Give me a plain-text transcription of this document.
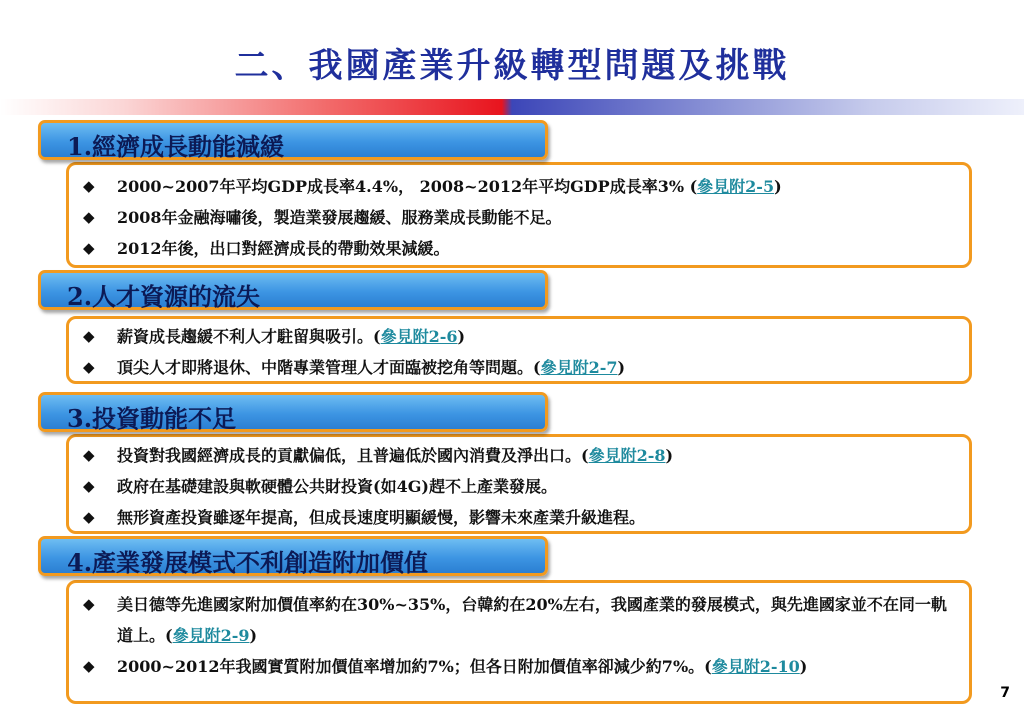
二、我國產業升級轉型問題及挑戰
1.經濟成長動能減緩
◆ 2000~2007年平均GDP成長率4.4%， 2008~2012年平均GDP成長率3% (參見附2-5)
◆ 2008年金融海嘯後，製造業發展趨緩、服務業成長動能不足。
◆ 2012年後，出口對經濟成長的帶動效果減緩。
2.人才資源的流失
◆ 薪資成長趨緩不利人才駐留與吸引。(參見附2-6)
◆ 頂尖人才即將退休、中階專業管理人才面臨被挖角等問題。(參見附2-7)
3.投資動能不足
◆ 投資對我國經濟成長的貢獻偏低，且普遍低於國內消費及淨出口。(參見附2-8)
◆ 政府在基礎建設與軟硬體公共財投資(如4G)趕不上產業發展。
◆ 無形資產投資雖逐年提高，但成長速度明顯緩慢，影響未來產業升級進程。
4.產業發展模式不利創造附加價值
◆ 美日德等先進國家附加價值率約在30%~35%，台韓約在20%左右，我國產業的發展模式，與先進國家並不在同一軌道上。(參見附2-9)
◆ 2000~2012年我國實質附加價值率增加約7%；但各日附加價值率卻減少約7%。(參見附2-10)
7
